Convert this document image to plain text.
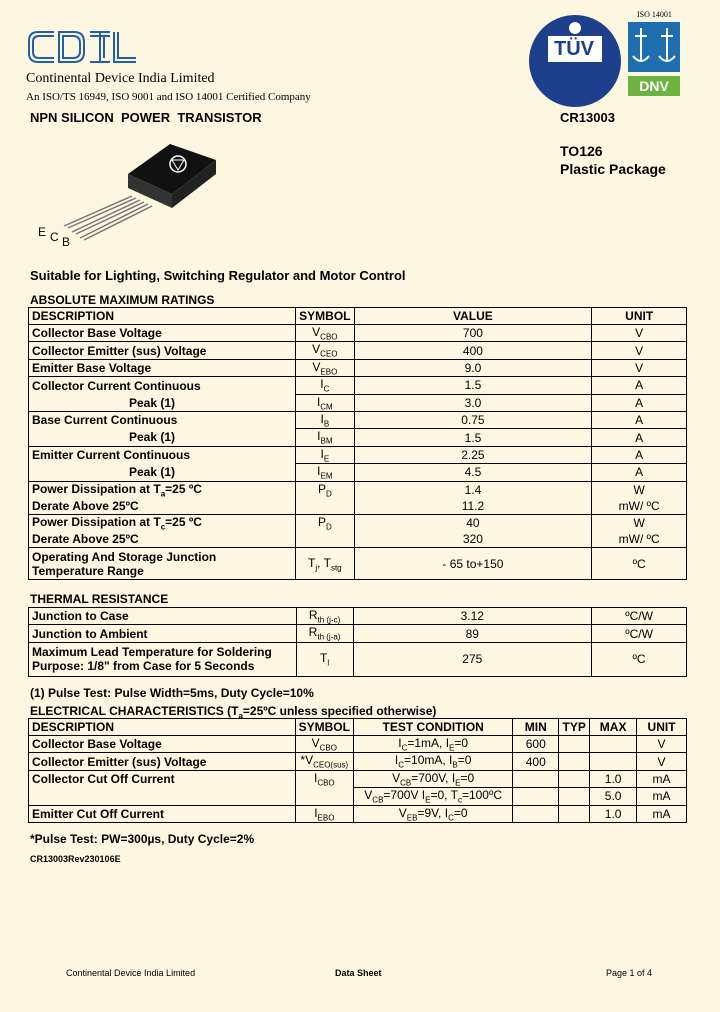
Continental Device India Limited
An ISO/TS 16949, ISO 9001 and ISO 14001 Certified Company
TÜV
ISO 14001
DNV
NPN SILICON  POWER  TRANSISTOR	CR13003
TO126
Plastic Package
E C B
Suitable for Lighting, Switching Regulator and Motor Control
ABSOLUTE MAXIMUM RATINGS
DESCRIPTION	SYMBOL	VALUE	UNIT
Collector Base Voltage	$V_{CBO}$	700	V
Collector Emitter (sus) Voltage	$V_{CEO}$	400	V
Emitter Base Voltage	$V_{EBO}$	9.0	V
Collector Current Continuous	$I_C$	1.5	A
Peak (1)	$I_{CM}$	3.0	A
Base Current Continuous	$I_B$	0.75	A
Peak (1)	$I_{BM}$	1.5	A
Emitter Current Continuous	$I_E$	2.25	A
Peak (1)	$I_{EM}$	4.5	A
Power Dissipation at $T_a=25$ ºC	$P_D$	1.4	W
Derate Above 25ºC		11.2	mW/ ºC
Power Dissipation at $T_c=25$ ºC	$P_D$	40	W
Derate Above 25ºC		320	mW/ ºC

Operating And Storage Junction
Temperature Range	$T_j$, $T_{stg}$	- 65 to+150	ºC
THERMAL RESISTANCE
Junction to Case	$R_{th (j-c)}$	3.12	ºC/W
Junction to Ambient	$R_{th (j-a)}$	89	ºC/W

Maximum Lead Temperature for Soldering
Purpose: 1/8" from Case for 5 Seconds	$T_l$	275	ºC
(1) Pulse Test: Pulse Width=5ms, Duty Cycle=10%
ELECTRICAL CHARACTERISTICS ($T_a=25ºC$ unless specified otherwise)
DESCRIPTION	SYMBOL	TEST CONDITION	MIN	TYP	MAX	UNIT
Collector Base Voltage	$V_{CBO}$	$I_C=1mA$, $I_E=0$	600			V
Collector Emitter (sus) Voltage	$*V_{CEO(sus)}$	$I_C=10mA$, $I_B=0$	400			V
Collector Cut Off Current	$I_{CBO}$	$V_{CB}=700V$, $I_E=0$			1.0	mA
		$V_{CB}=700V$ $I_E=0$, $T_c=100ºC$			5.0	mA
Emitter Cut Off Current	$I_{EBO}$	$V_{EB}=9V$, $I_C=0$			1.0	mA
*Pulse Test: PW=300µs, Duty Cycle=2%
CR13003Rev230106E
Continental Device India Limited	Data Sheet	Page 1 of 4
